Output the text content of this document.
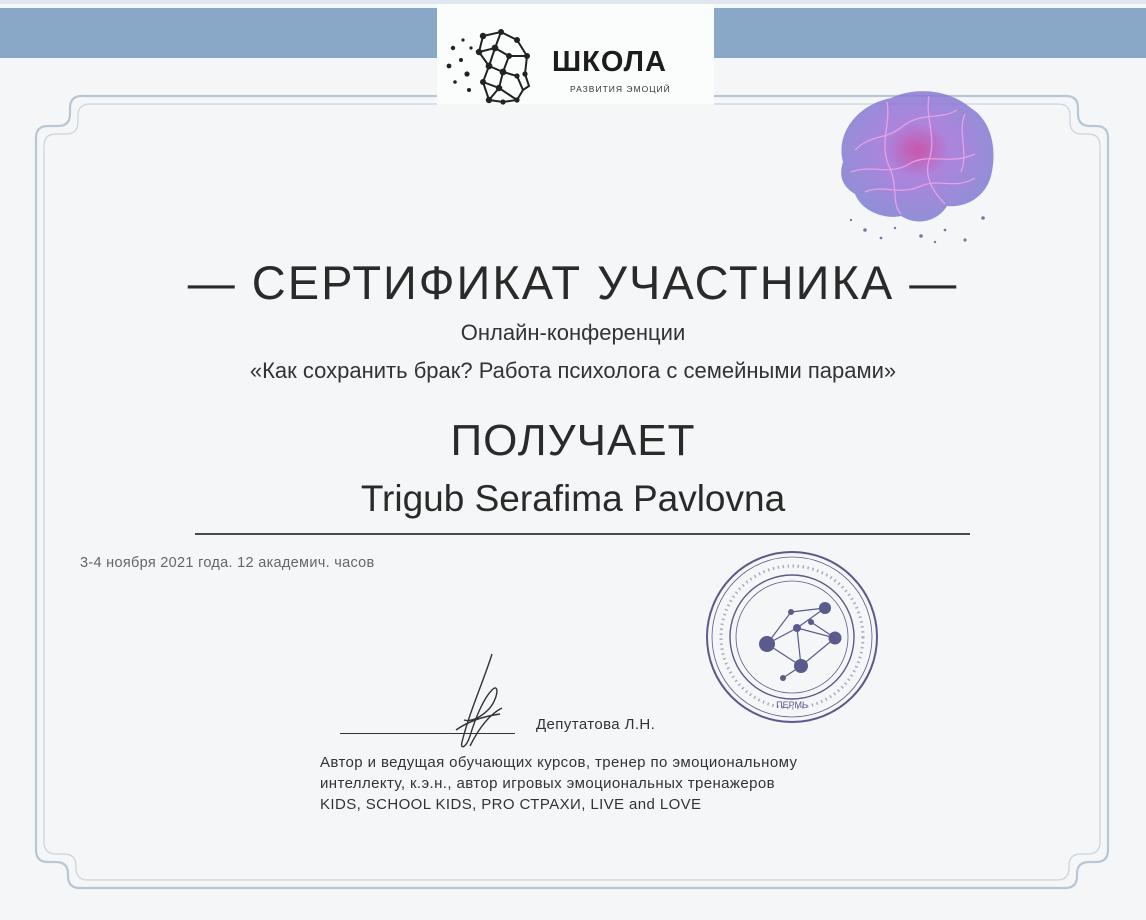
ШКОЛА
РАЗВИТИЯ ЭМОЦИЙ
— СЕРТИФИКАТ УЧАСТНИКА —
Онлайн-конференции
«Как сохранить брак? Работа психолога с семейными парами»
ПОЛУЧАЕТ
Trigub Serafima Pavlovna
3-4 ноября 2021 года. 12 академич. часов
ПЕРМЬ
Депутатова Л.Н.
Автор и ведущая обучающих курсов, тренер по эмоциональному
интеллекту, к.э.н., автор игровых эмоциональных тренажеров
KIDS, SCHOOL KIDS, PRO СТРАХИ, LIVE and LOVE
